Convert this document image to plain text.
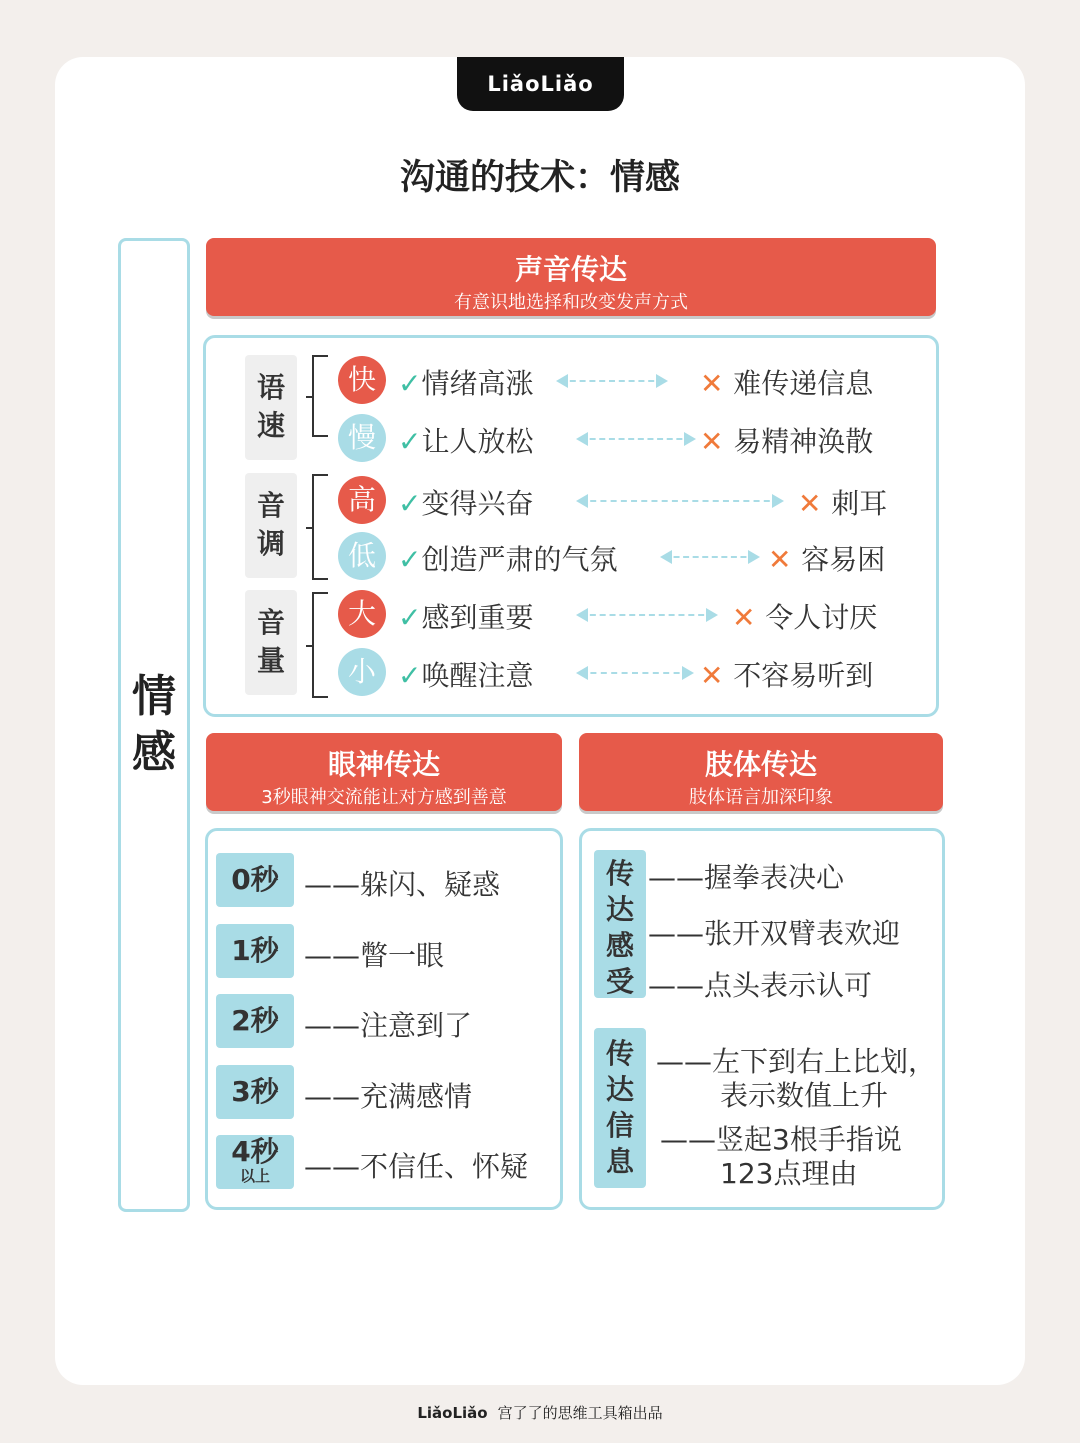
LiǎoLiǎo
沟通的技术：情感
情
感
声音传达
有意识地选择和改变发声方式
语
速
音
调
音
量
快 ✓情绪高涨	✕ 难传递信息
慢 ✓让人放松	✕ 易精神涣散
高 ✓变得兴奋	✕ 刺耳
低 ✓创造严肃的气氛	✕ 容易困
大 ✓感到重要	✕ 令人讨厌
小 ✓唤醒注意	✕ 不容易听到
眼神传达
3秒眼神交流能让对方感到善意
0秒 ——躲闪、疑惑
1秒 ——瞥一眼
2秒 ——注意到了
3秒 ——充满感情
4秒
以上	——不信任、怀疑
肢体传达
肢体语言加深印象
传
达
感
受
——握拳表决心
——张开双臂表欢迎
——点头表示认可
传
达
信
息
——左下到右上比划，
表示数值上升
——竖起3根手指说
123点理由
LiǎoLiǎo 宫了了的思维工具箱出品
